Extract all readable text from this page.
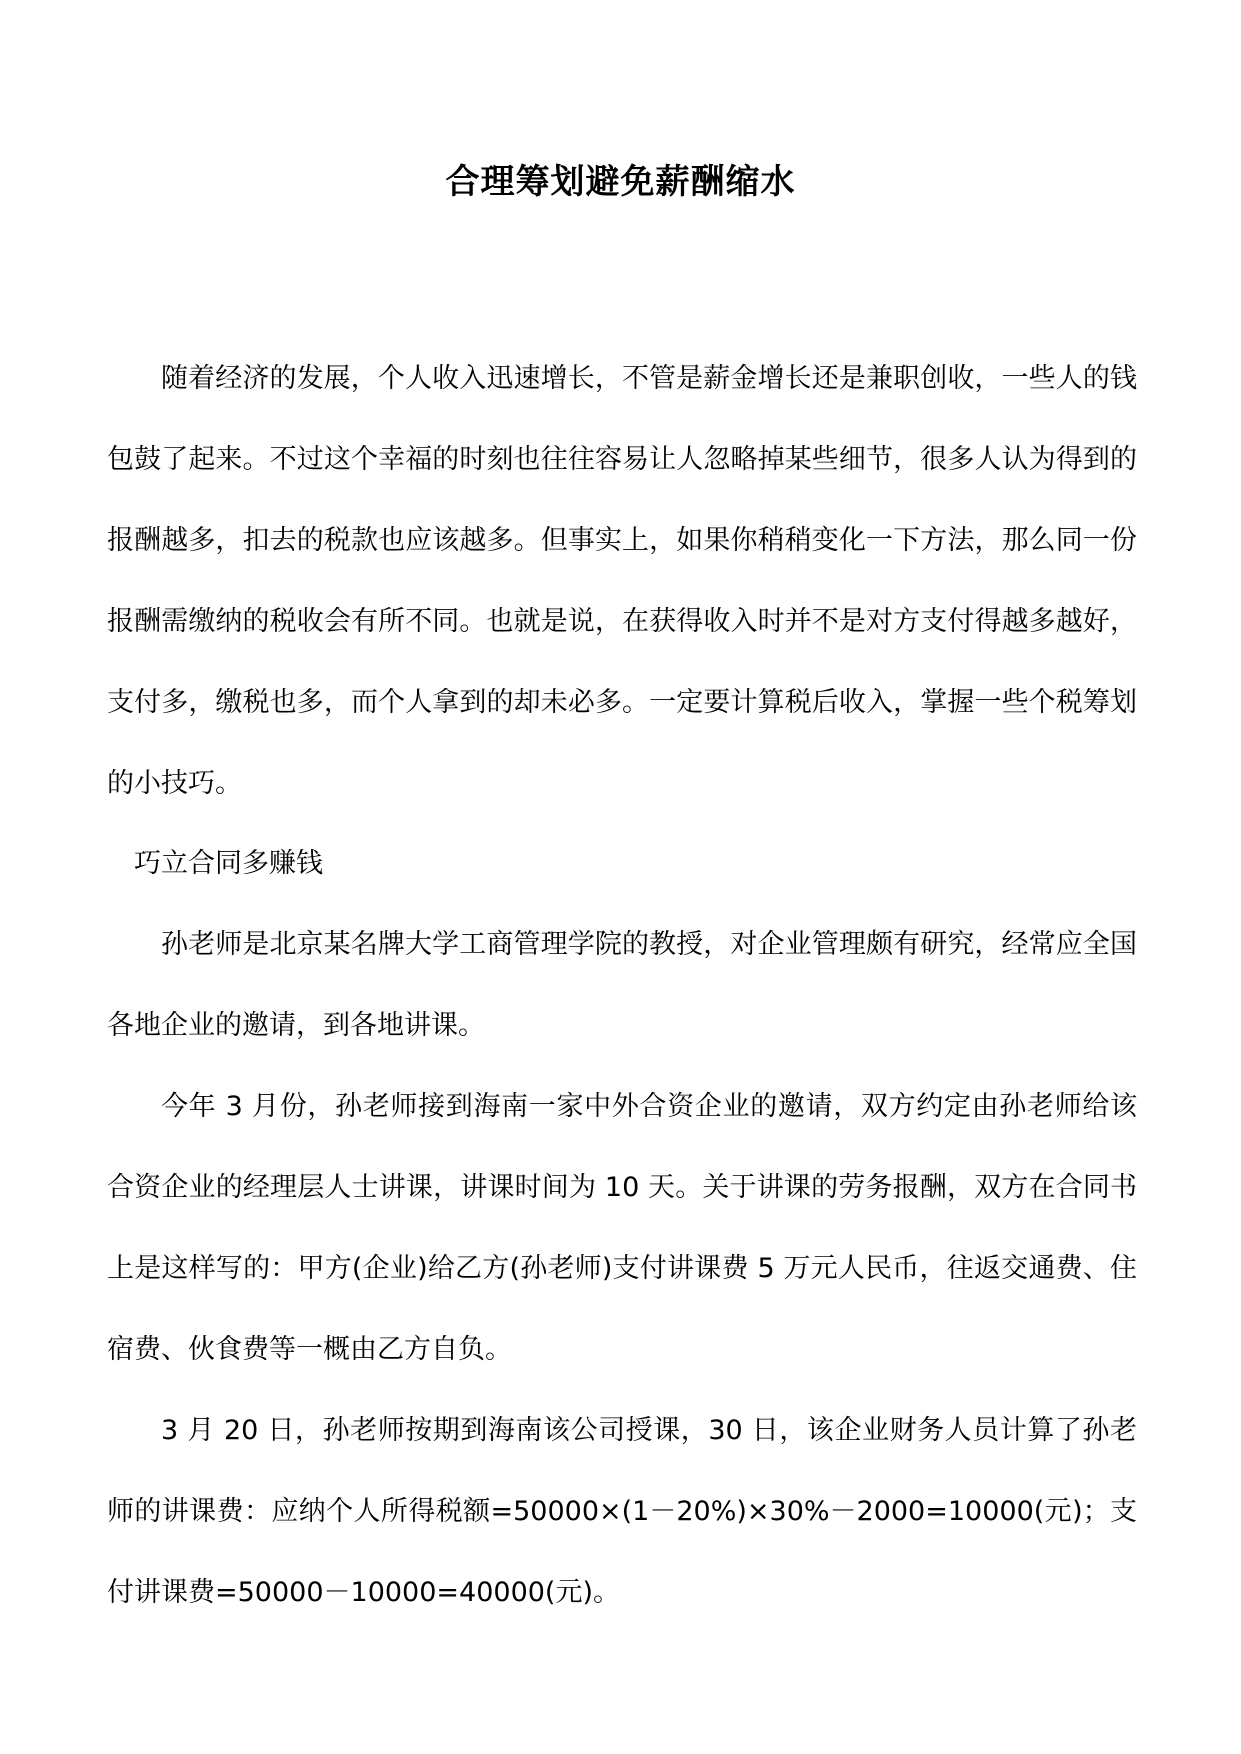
合理筹划避免薪酬缩水

随着经济的发展，个人收入迅速增长，不管是薪金增长还是兼职创收，一些人的钱包鼓了起来。不过这个幸福的时刻也往往容易让人忽略掉某些细节，很多人认为得到的报酬越多，扣去的税款也应该越多。但事实上，如果你稍稍变化一下方法，那么同一份报酬需缴纳的税收会有所不同。也就是说，在获得收入时并不是对方支付得越多越好，支付多，缴税也多，而个人拿到的却未必多。一定要计算税后收入，掌握一些个税筹划的小技巧。

巧立合同多赚钱

孙老师是北京某名牌大学工商管理学院的教授，对企业管理颇有研究，经常应全国各地企业的邀请，到各地讲课。

今年 3 月份，孙老师接到海南一家中外合资企业的邀请，双方约定由孙老师给该合资企业的经理层人士讲课，讲课时间为 10 天。关于讲课的劳务报酬，双方在合同书上是这样写的：甲方(企业)给乙方(孙老师)支付讲课费 5 万元人民币，往返交通费、住宿费、伙食费等一概由乙方自负。

3 月 20 日，孙老师按期到海南该公司授课，30 日，该企业财务人员计算了孙老师的讲课费：应纳个人所得税额=50000×(1－20%)×30%－2000=10000(元)；支付讲课费=50000－10000=40000(元)。
